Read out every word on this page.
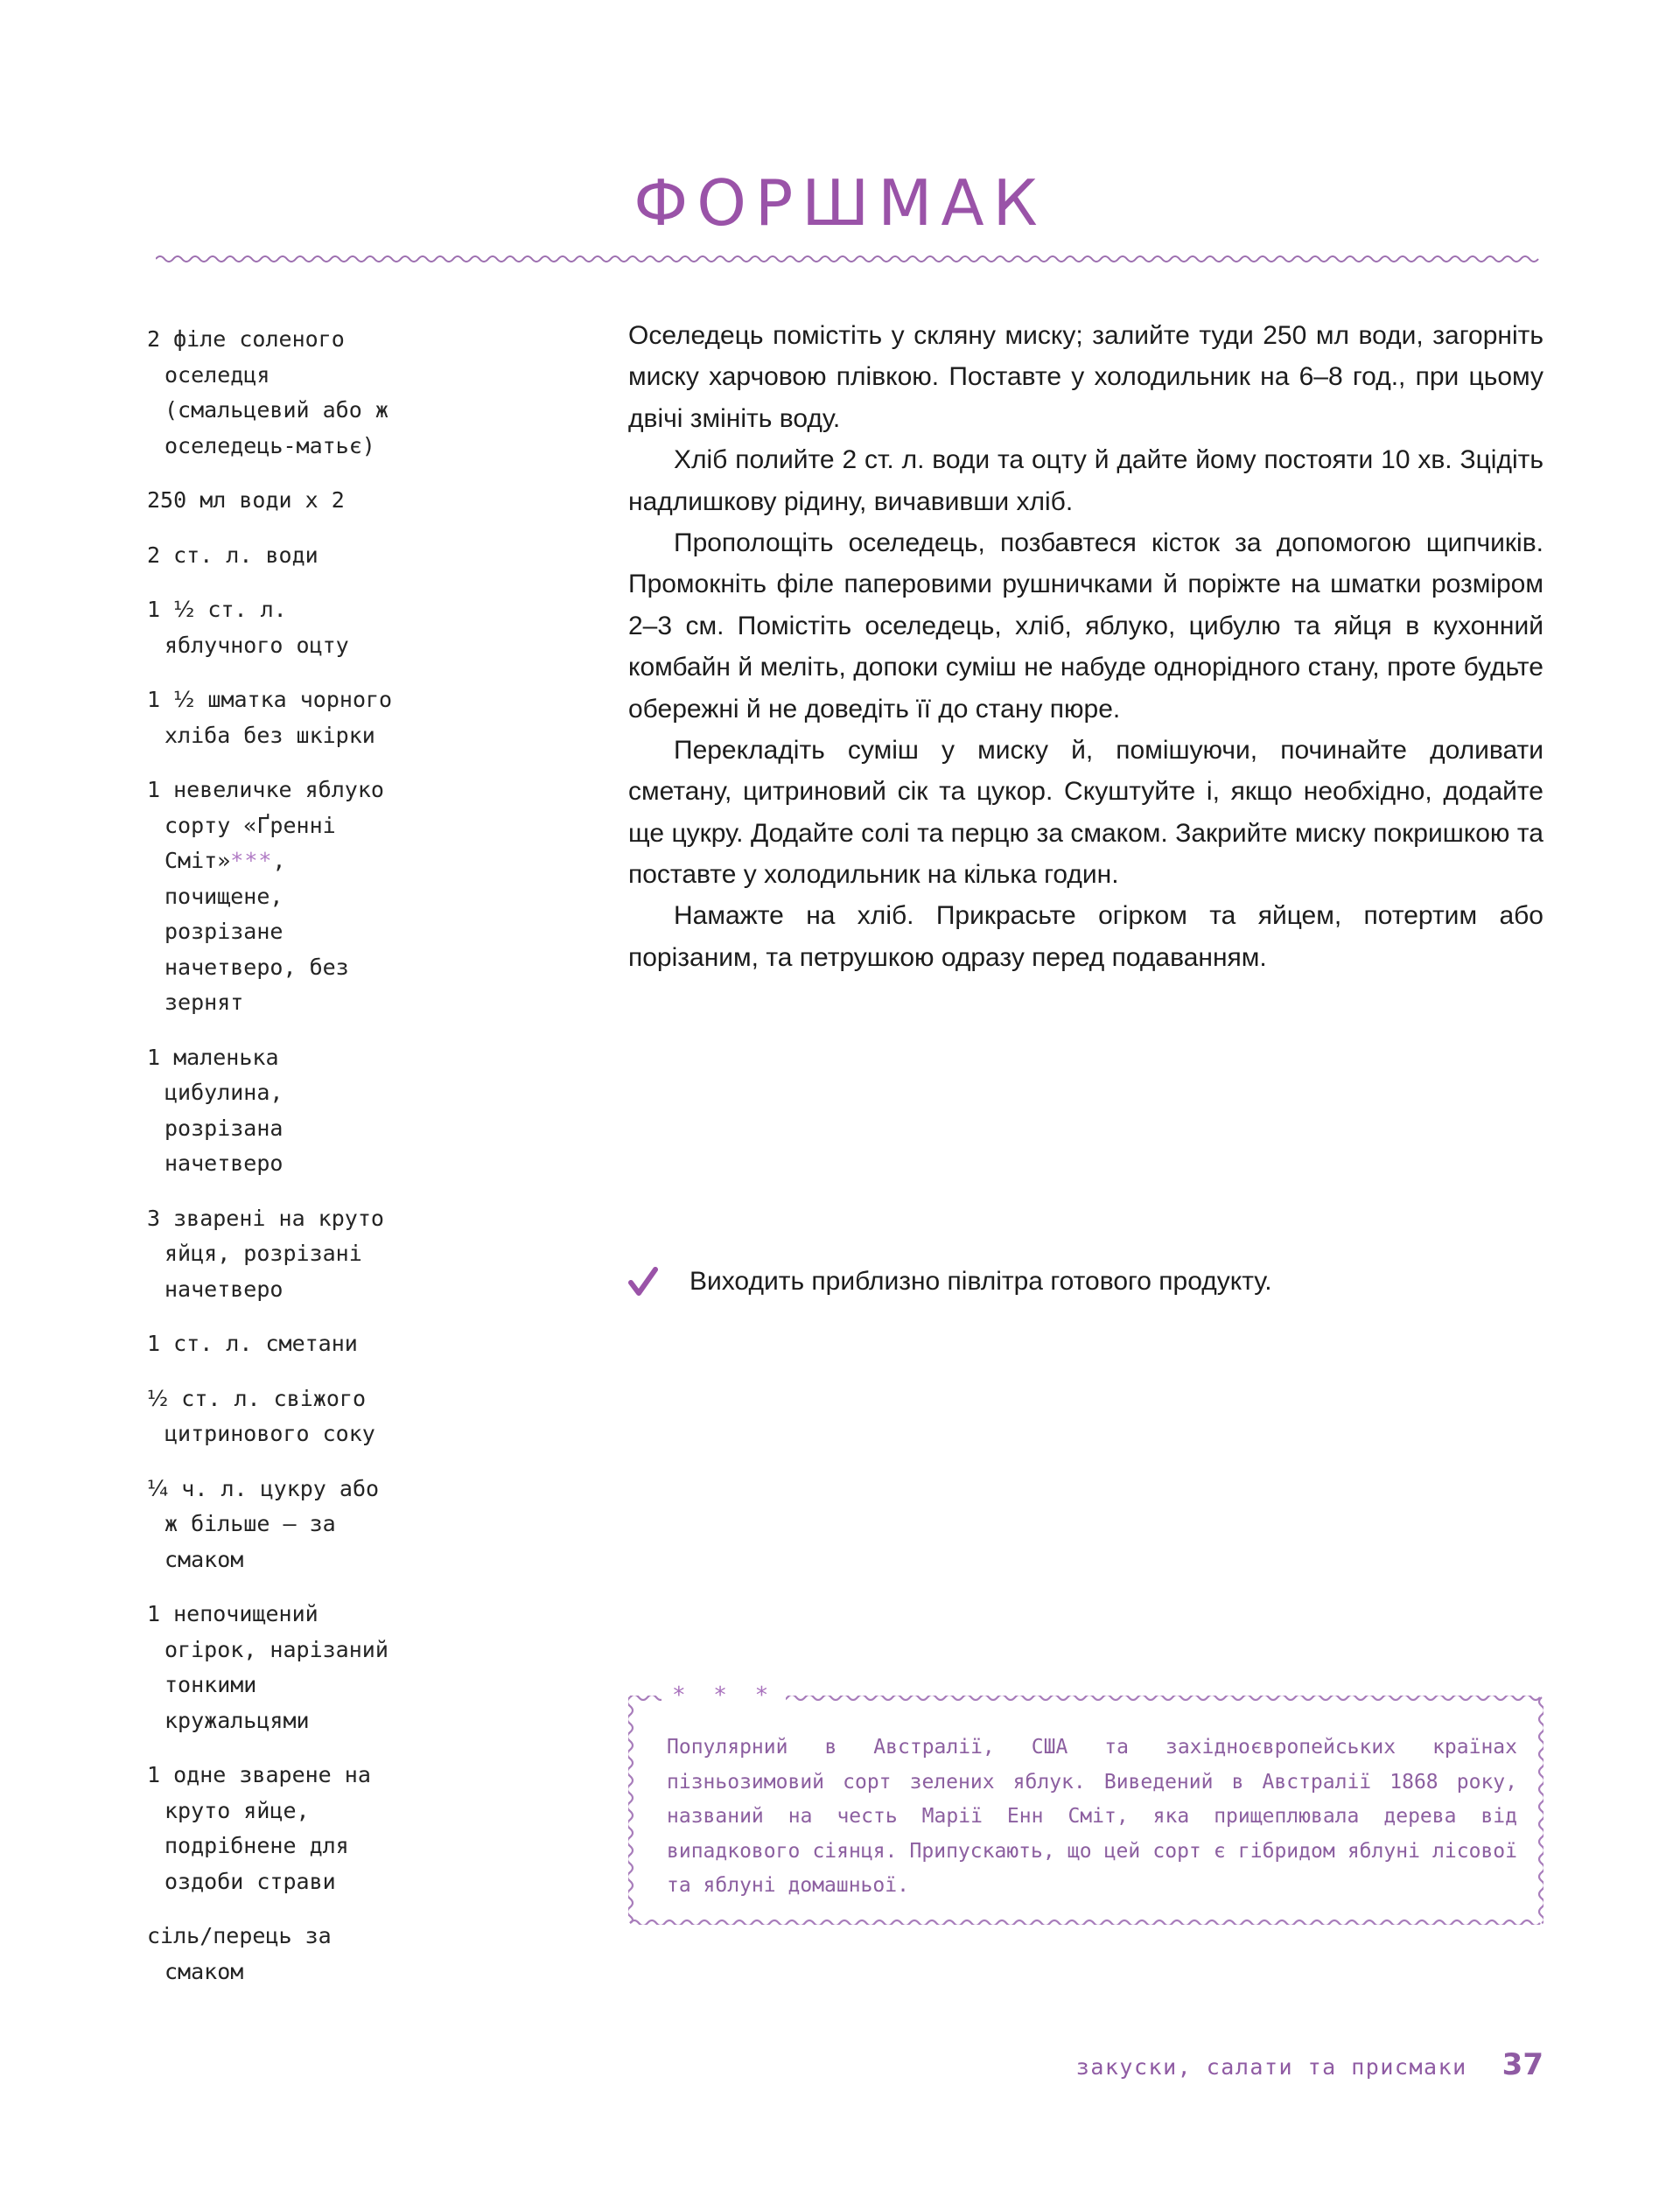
ФОРШМАК
2 філе соленого оселедця (смальцевий або ж оселедець-матьє)
250 мл води х 2
2 ст. л. води
1 ½ ст. л. яблучного оцту
1 ½ шматка чорного хліба без шкірки
1 невеличке яблуко сорту «Ґренні Сміт»***, почищене, розрізане начетверо, без зернят
1 маленька цибулина, розрізана начетверо
3 зварені на круто яйця, розрізані начетверо
1 ст. л. сметани
½ ст. л. свіжого цитринового соку
¼ ч. л. цукру або ж більше – за смаком
1 непочищений огірок, нарізаний тонкими кружальцями
1 одне зварене на круто яйце, подрібнене для оздоби страви
сіль/перець за смаком

Оселедець помістіть у скляну миску; залийте туди 250 мл води, загорніть миску харчовою плівкою. Поставте у холодильник на 6–8 год., при цьому двічі змініть воду.

Хліб полийте 2 ст. л. води та оцту й дайте йому постояти 10 хв. Зцідіть надлишкову рідину, вичавивши хліб.

Прополощіть оселедець, позбавтеся кісток за допомогою щипчиків. Промокніть філе паперовими рушничками й поріжте на шматки розміром 2–3 см. Помістіть оселедець, хліб, яблуко, цибулю та яйця в кухонний комбайн й меліть, допоки суміш не набуде однорідного стану, проте будьте обережні й не доведіть її до стану пюре.

Перекладіть суміш у миску й, помішуючи, починайте доливати сметану, цитриновий сік та цукор. Скуштуйте і, якщо необхідно, додайте ще цукру. Додайте солі та перцю за смаком. Закрийте миску покришкою та поставте у холодильник на кілька годин.

Намажте на хліб. Прикрасьте огірком та яйцем, потертим або порізаним, та петрушкою одразу перед подаванням.

Виходить приблизно півлітра готового продукту.
* * *
Популярний в Австралії, США та західноєвропейських країнах пізньозимовий сорт зелених яблук. Виведений в Австралії 1868 року, названий на честь Марії Енн Сміт, яка прищеплювала дерева від випадкового сіянця. Припускають, що цей сорт є гібридом яблуні лісової та яблуні домашньої.
закуски, салати та присмаки 37
